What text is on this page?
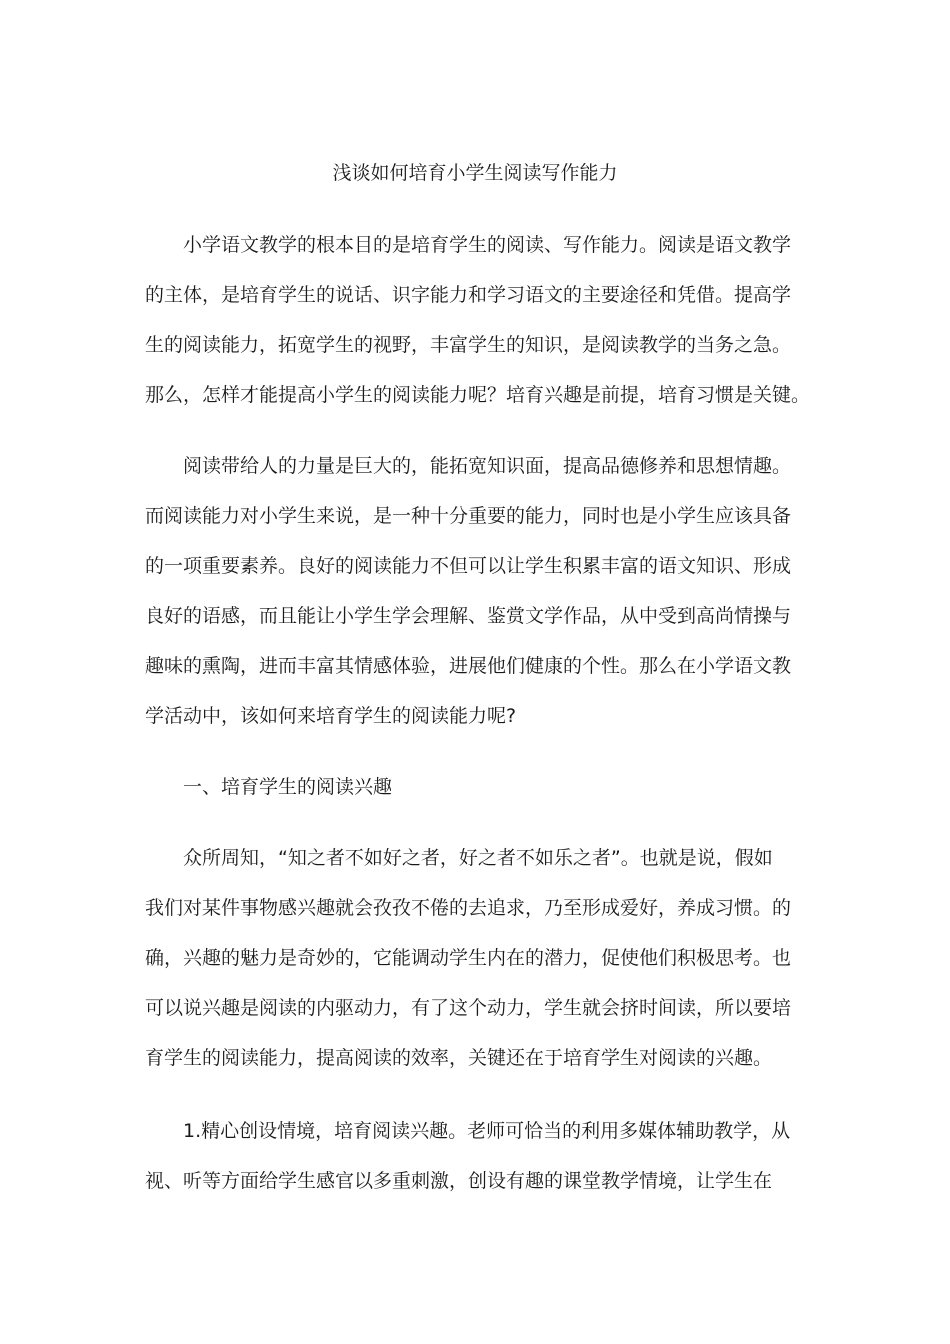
浅谈如何培育小学生阅读写作能力
小学语文教学的根本目的是培育学生的阅读、写作能力。阅读是语文教学
的主体，是培育学生的说话、识字能力和学习语文的主要途径和凭借。提高学
生的阅读能力，拓宽学生的视野，丰富学生的知识，是阅读教学的当务之急。
那么，怎样才能提高小学生的阅读能力呢？培育兴趣是前提，培育习惯是关键。
阅读带给人的力量是巨大的，能拓宽知识面，提高品德修养和思想情趣。
而阅读能力对小学生来说，是一种十分重要的能力，同时也是小学生应该具备
的一项重要素养。良好的阅读能力不但可以让学生积累丰富的语文知识、形成
良好的语感，而且能让小学生学会理解、鉴赏文学作品，从中受到高尚情操与
趣味的熏陶，进而丰富其情感体验，进展他们健康的个性。那么在小学语文教
学活动中，该如何来培育学生的阅读能力呢?
一、培育学生的阅读兴趣
众所周知，“知之者不如好之者，好之者不如乐之者”。也就是说，假如
我们对某件事物感兴趣就会孜孜不倦的去追求，乃至形成爱好，养成习惯。的
确，兴趣的魅力是奇妙的，它能调动学生内在的潜力，促使他们积极思考。也
可以说兴趣是阅读的内驱动力，有了这个动力，学生就会挤时间读，所以要培
育学生的阅读能力，提高阅读的效率，关键还在于培育学生对阅读的兴趣。
1.精心创设情境，培育阅读兴趣。老师可恰当的利用多媒体辅助教学，从
视、听等方面给学生感官以多重刺激，创设有趣的课堂教学情境，让学生在
